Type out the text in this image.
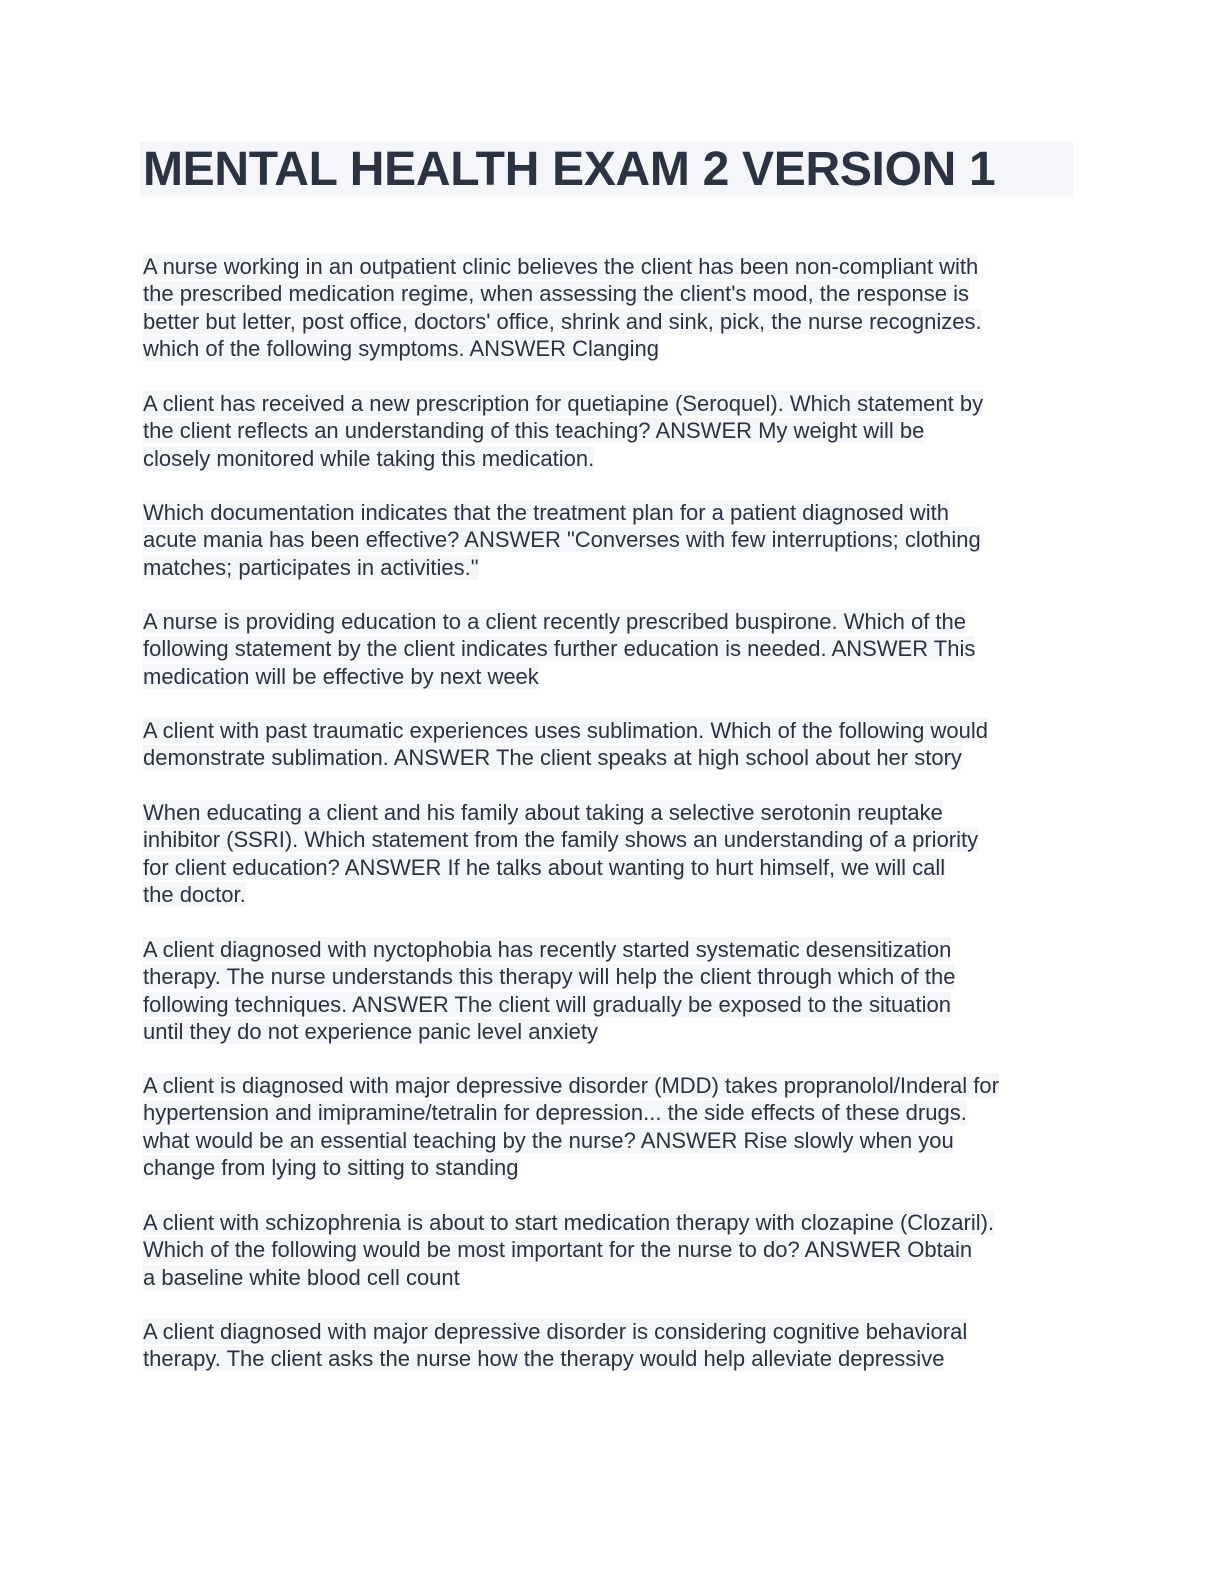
MENTAL HEALTH EXAM 2 VERSION 1

A nurse working in an outpatient clinic believes the client has been non-compliant with
the prescribed medication regime, when assessing the client's mood, the response is
better but letter, post office, doctors' office, shrink and sink, pick, the nurse recognizes.
which of the following symptoms. ANSWER Clanging

A client has received a new prescription for quetiapine (Seroquel). Which statement by
the client reflects an understanding of this teaching? ANSWER My weight will be
closely monitored while taking this medication.

Which documentation indicates that the treatment plan for a patient diagnosed with
acute mania has been effective? ANSWER "Converses with few interruptions; clothing
matches; participates in activities."

A nurse is providing education to a client recently prescribed buspirone. Which of the
following statement by the client indicates further education is needed. ANSWER This
medication will be effective by next week

A client with past traumatic experiences uses sublimation. Which of the following would
demonstrate sublimation. ANSWER The client speaks at high school about her story

When educating a client and his family about taking a selective serotonin reuptake
inhibitor (SSRI). Which statement from the family shows an understanding of a priority
for client education? ANSWER If he talks about wanting to hurt himself, we will call
the doctor.

A client diagnosed with nyctophobia has recently started systematic desensitization
therapy. The nurse understands this therapy will help the client through which of the
following techniques. ANSWER The client will gradually be exposed to the situation
until they do not experience panic level anxiety

A client is diagnosed with major depressive disorder (MDD) takes propranolol/Inderal for
hypertension and imipramine/tetralin for depression... the side effects of these drugs.
what would be an essential teaching by the nurse? ANSWER Rise slowly when you
change from lying to sitting to standing

A client with schizophrenia is about to start medication therapy with clozapine (Clozaril).
Which of the following would be most important for the nurse to do? ANSWER Obtain
a baseline white blood cell count

A client diagnosed with major depressive disorder is considering cognitive behavioral
therapy. The client asks the nurse how the therapy would help alleviate depressive
